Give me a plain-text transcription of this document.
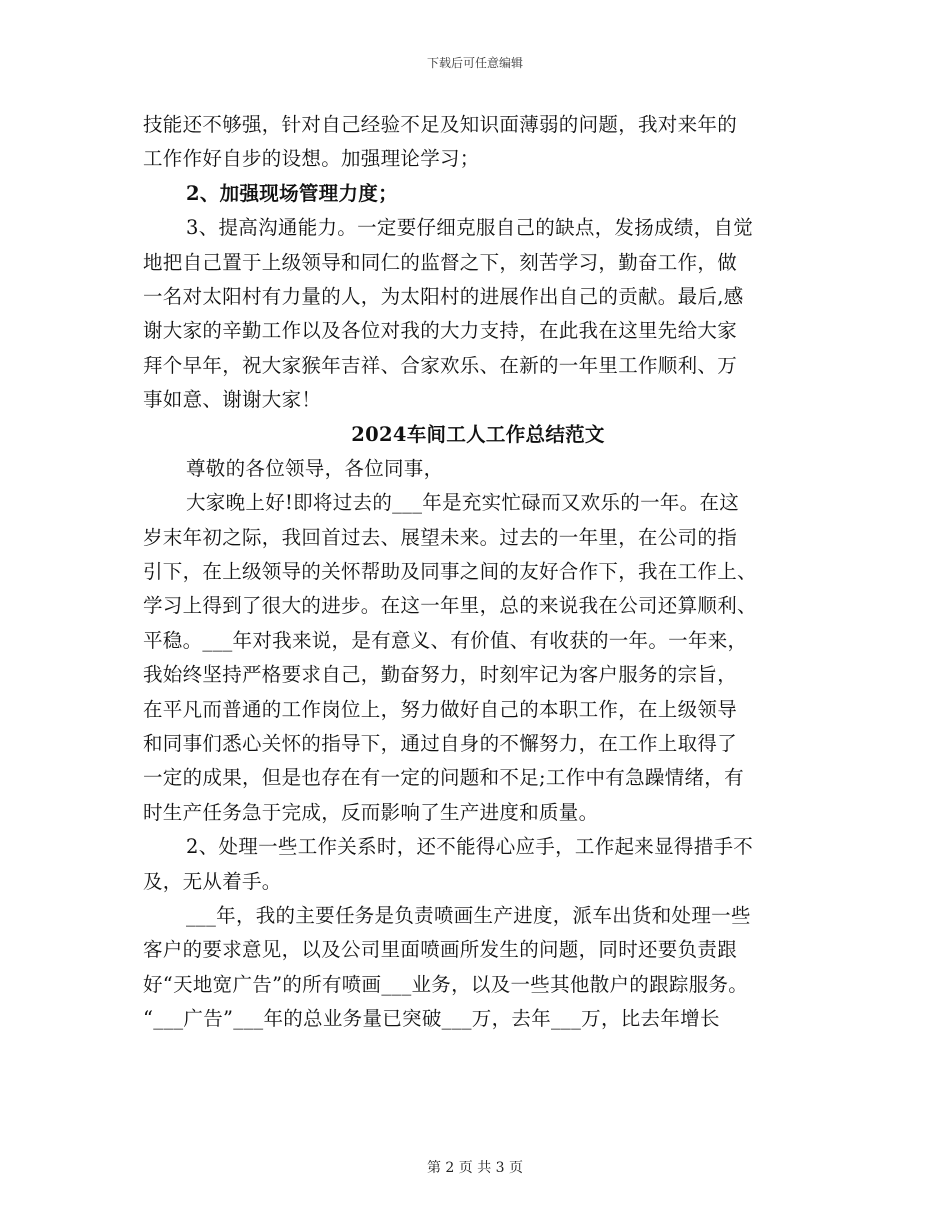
下载后可任意编辑
技能还不够强，针对自己经验不足及知识面薄弱的问题，我对来年的
工作作好自步的设想。加强理论学习；
2、加强现场管理力度；
3、提高沟通能力。一定要仔细克服自己的缺点，发扬成绩，自觉
地把自己置于上级领导和同仁的监督之下，刻苦学习，勤奋工作，做
一名对太阳村有力量的人，为太阳村的进展作出自己的贡献。最后,感
谢大家的辛勤工作以及各位对我的大力支持，在此我在这里先给大家
拜个早年，祝大家猴年吉祥、合家欢乐、在新的一年里工作顺利、万
事如意、谢谢大家！
2024车间工人工作总结范文
尊敬的各位领导，各位同事，
大家晚上好!即将过去的___年是充实忙碌而又欢乐的一年。在这
岁末年初之际，我回首过去、展望未来。过去的一年里，在公司的指
引下，在上级领导的关怀帮助及同事之间的友好合作下，我在工作上、
学习上得到了很大的进步。在这一年里，总的来说我在公司还算顺利、
平稳。___年对我来说，是有意义、有价值、有收获的一年。一年来，
我始终坚持严格要求自己，勤奋努力，时刻牢记为客户服务的宗旨，
在平凡而普通的工作岗位上，努力做好自己的本职工作，在上级领导
和同事们悉心关怀的指导下，通过自身的不懈努力，在工作上取得了
一定的成果，但是也存在有一定的问题和不足;工作中有急躁情绪，有
时生产任务急于完成，反而影响了生产进度和质量。
2、处理一些工作关系时，还不能得心应手，工作起来显得措手不
及，无从着手。
___年，我的主要任务是负责喷画生产进度，派车出货和处理一些
客户的要求意见，以及公司里面喷画所发生的问题，同时还要负责跟
好“天地宽广告”的所有喷画___业务，以及一些其他散户的跟踪服务。
“___广告”___年的总业务量已突破___万，去年___万，比去年增长
第 2 页 共 3 页
